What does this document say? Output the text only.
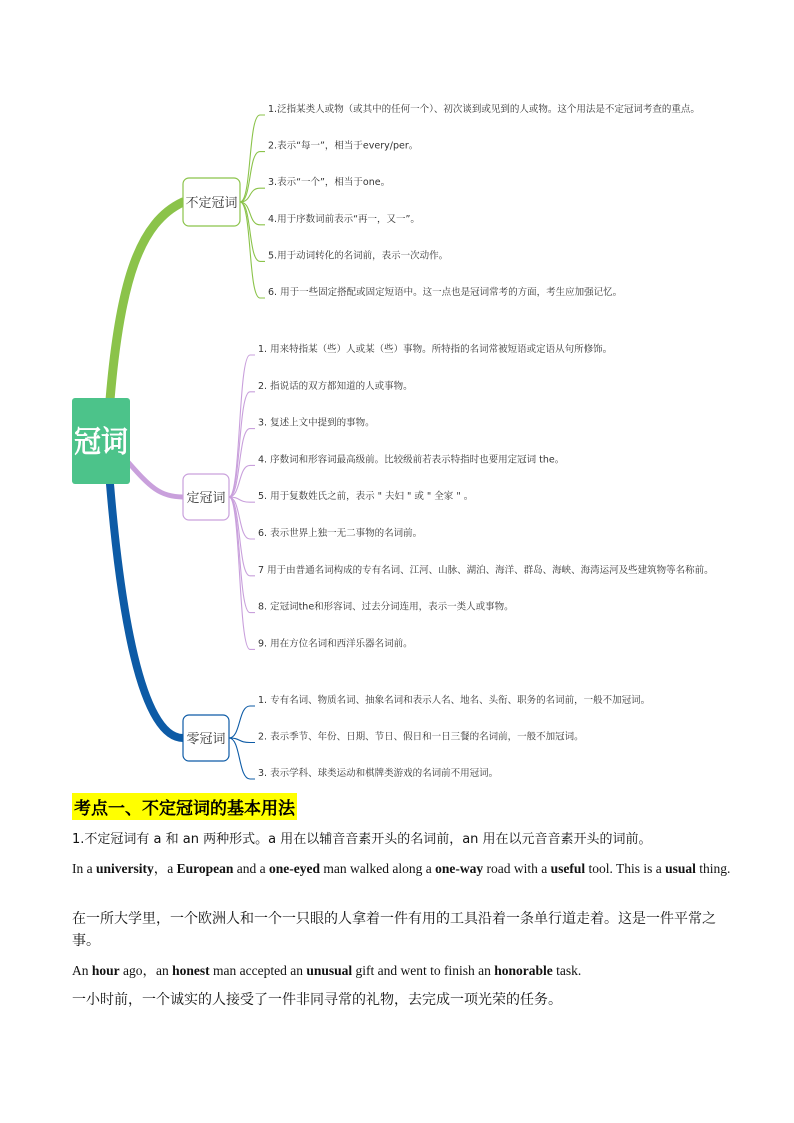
不定冠词
1.泛指某类人或物（或其中的任何一个）、初次谈到或见到的人或物。这个用法是不定冠词考查的重点。
2.表示“每一”，相当于every/per。
3.表示“一个”，相当于one。
4.用于序数词前表示“再一，又一”。
5.用于动词转化的名词前，表示一次动作。
6. 用于一些固定搭配或固定短语中。这一点也是冠词常考的方面，考生应加强记忆。
定冠词
1. 用来特指某（些）人或某（些）事物。所特指的名词常被短语或定语从句所修饰。
2. 指说话的双方都知道的人或事物。
3. 复述上文中提到的事物。
4. 序数词和形容词最高级前。比较级前若表示特指时也要用定冠词 the。
5. 用于复数姓氏之前，表示 " 夫妇 " 或 " 全家 " 。
6. 表示世界上独一无二事物的名词前。
7 用于由普通名词构成的专有名词、江河、山脉、湖泊、海洋、群岛、海峡、海湾运河及些建筑物等名称前。
8. 定冠词the和形容词、过去分词连用，表示一类人或事物。
9. 用在方位名词和西洋乐器名词前。
零冠词
1. 专有名词、物质名词、抽象名词和表示人名、地名、头衔、职务的名词前，一般不加冠词。
2. 表示季节、年份、日期、节日、假日和一日三餐的名词前，一般不加冠词。
3. 表示学科、球类运动和棋牌类游戏的名词前不用冠词。
冠词
考点一、不定冠词的基本用法
1.不定冠词有 a 和 an 两种形式。a 用在以辅音音素开头的名词前，an 用在以元音音素开头的词前。
In a university，a European and a one-eyed man walked along a one-way road with a useful tool. This is a usual thing.
在一所大学里，一个欧洲人和一个一只眼的人拿着一件有用的工具沿着一条单行道走着。这是一件平常之事。
An hour ago，an honest man accepted an unusual gift and went to finish an honorable task.
一小时前，一个诚实的人接受了一件非同寻常的礼物，去完成一项光荣的任务。
